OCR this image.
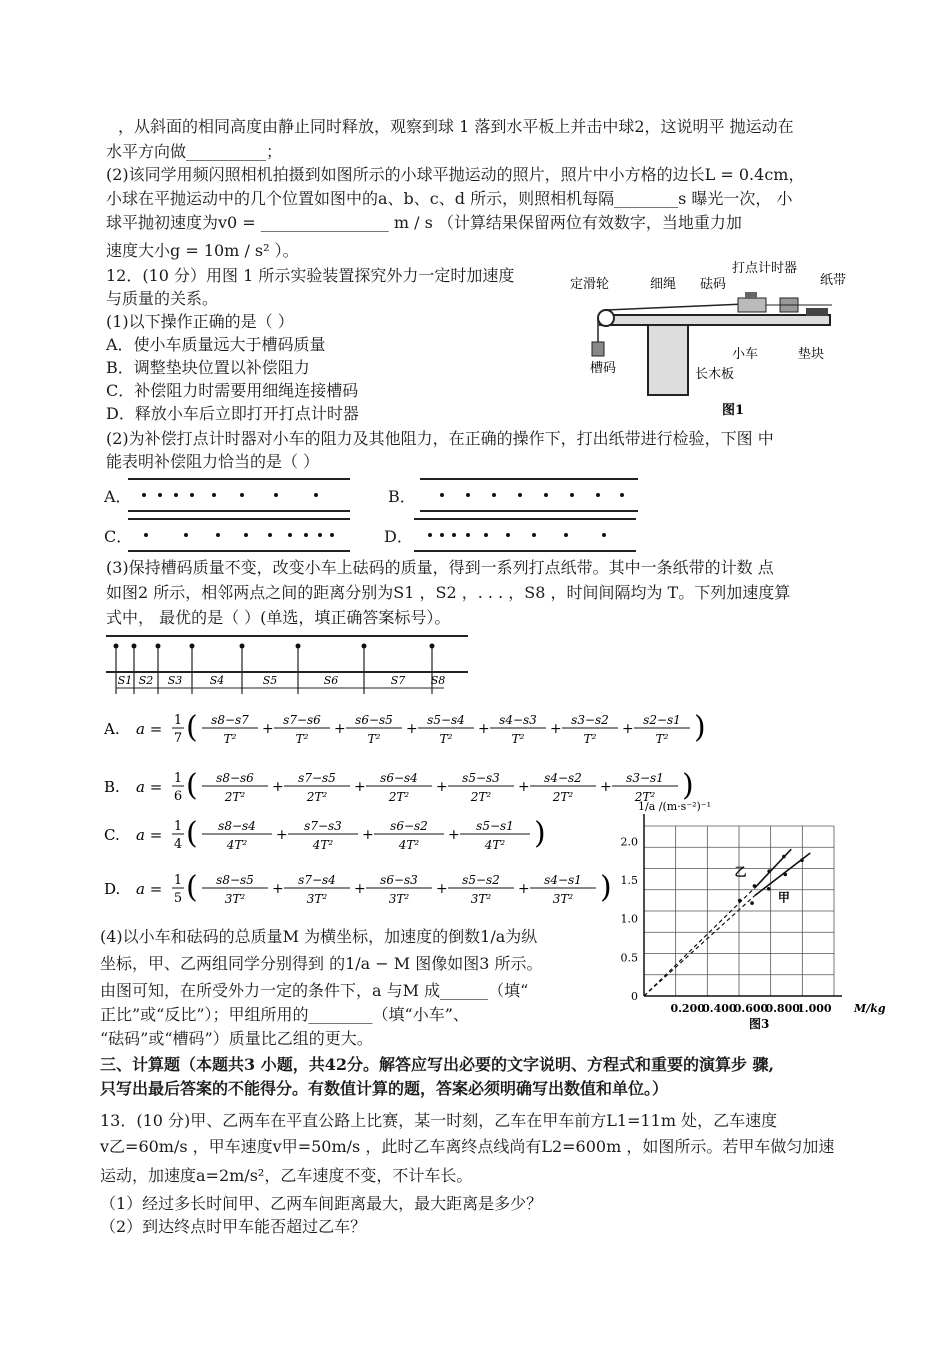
，从斜面的相同高度由静止同时释放，观察到球 1 落到水平板上并击中球2，这说明平 抛运动在
水平方向做__________；
(2)该同学用频闪照相机拍摄到如图所示的小球平抛运动的照片，照片中小方格的边长L = 0.4cm，
小球在平抛运动中的几个位置如图中的a、b、c、d 所示，则照相机每隔________s 曝光一次， 小
球平抛初速度为v0 = ________________ m / s （计算结果保留两位有效数字，当地重力加
速度大小g = 10m / s² ）。
12．(10 分）用图 1 所示实验装置探究外力一定时加速度
与质量的关系。
(1)以下操作正确的是（ ）
A．使小车质量远大于槽码质量
B．调整垫块位置以补偿阻力
C．补偿阻力时需要用细绳连接槽码
D．释放小车后立即打开打点计时器
定滑轮	细绳 砝码
打点计时器
纸带
槽码	长木板
小车	垫块
图1
(2)为补偿打点计时器对小车的阻力及其他阻力，在正确的操作下，打出纸带进行检验，下图 中
能表明补偿阻力恰当的是（ ）
A．	B．
C．	D．
(3)保持槽码质量不变，改变小车上砝码的质量，得到一系列打点纸带。其中一条纸带的计数 点
如图2 所示，相邻两点之间的距离分别为S1 ，S2 ，. . . ，S8 ，时间间隔均为 T。下列加速度算
式中， 最优的是（ ）(单选，填正确答案标号）。
S1 S2 S3 S4	S5	S6	S7 S8
A. a = 1
7 ( s8−s7
T²
+
s7−s6
T²
+
s6−s5
T²
+
s5−s4
T²
+
s4−s3
T²
+
s3−s2
T²
+
s2−s1
T² )
B. a = 1
6 ( s8−s6
2T²
+
s7−s5
2T²
+
s6−s4
2T²
+
s5−s3
2T²
+
s4−s2
2T²
+
s3−s1
2T² )
C. a = 1
4 ( s8−s4
4T²
+
s7−s3
4T²
+
s6−s2
4T²
+
s5−s1
4T² )
D. a = 1
5 ( s8−s5
3T²
+
s7−s4
3T²
+
s6−s3
3T²
+
s5−s2
3T²
+
s4−s1
3T² )
0
0.5
1.0
1.5
2.0
0.200
0.400
0.600
0.800
1.000 M/kg
1/a /(m·s⁻²)⁻¹
图3
乙
甲
(4)以小车和砝码的总质量M 为横坐标，加速度的倒数1/a为纵
坐标，甲、乙两组同学分别得到 的1/a − M 图像如图3 所示。
由图可知，在所受外力一定的条件下，a 与M 成______（填“
正比”或“反比”）；甲组所用的________（填“小车”、
“砝码”或“槽码”）质量比乙组的更大。
三、计算题（本题共3 小题，共42分。解答应写出必要的文字说明、方程式和重要的演算步 骤,
只写出最后答案的不能得分。有数值计算的题，答案必须明确写出数值和单位。）
13．(10 分)甲、乙两车在平直公路上比赛，某一时刻，乙车在甲车前方L1=11m 处，乙车速度
v乙=60m/s ，甲车速度v甲=50m/s ，此时乙车离终点线尚有L2=600m ，如图所示。若甲车做匀加速
运动，加速度a=2m/s²，乙车速度不变，不计车长。
（1）经过多长时间甲、乙两车间距离最大，最大距离是多少？
（2）到达终点时甲车能否超过乙车？
